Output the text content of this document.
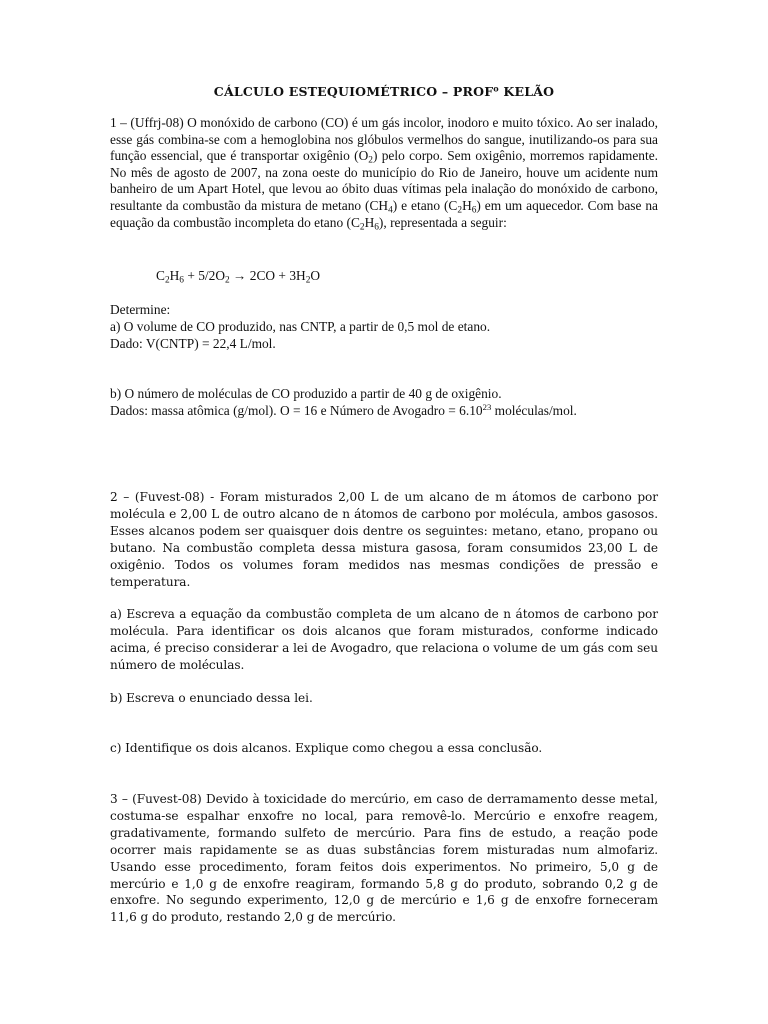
CÁLCULO ESTEQUIOMÉTRICO – PROF$^o$ KELÃO
1 – (Uffrj-08) O monóxido de carbono (CO) é um gás incolor, inodoro e muito tóxico. Ao ser inalado, esse gás combina-se com a hemoglobina nos glóbulos vermelhos do sangue, inutilizando-os para sua função essencial, que é transportar oxigênio $(O_2)$ pelo corpo. Sem oxigênio, morremos rapidamente. No mês de agosto de 2007, na zona oeste do município do Rio de Janeiro, houve um acidente num banheiro de um Apart Hotel, que levou ao óbito duas vítimas pela inalação do monóxido de carbono, resultante da combustão da mistura de metano $(CH_4)$ e etano $(C_2H_6)$ em um aquecedor. Com base na equação da combustão incompleta do etano $(C_2H_6)$, representada a seguir:
$C_2H_6 + 5/2O_2 \to 2CO + 3H_2O$
Determine:
a) O volume de CO produzido, nas CNTP, a partir de 0,5 mol de etano.
Dado: V(CNTP) = 22,4 L/mol.
b) O número de moléculas de CO produzido a partir de 40 g de oxigênio.
Dados: massa atômica (g/mol). O = 16 e Número de Avogadro = $6.10^{23}$ moléculas/mol.
2 – (Fuvest-08) - Foram misturados 2,00 L de um alcano de m átomos de carbono por molécula e 2,00 L de outro alcano de n átomos de carbono por molécula, ambos gasosos. Esses alcanos podem ser quaisquer dois dentre os seguintes: metano, etano, propano ou butano. Na combustão completa dessa mistura gasosa, foram consumidos 23,00 L de oxigênio. Todos os volumes foram medidos nas mesmas condições de pressão e temperatura.
a) Escreva a equação da combustão completa de um alcano de n átomos de carbono por molécula. Para identificar os dois alcanos que foram misturados, conforme indicado acima, é preciso considerar a lei de Avogadro, que relaciona o volume de um gás com seu número de moléculas.
b) Escreva o enunciado dessa lei.
c) Identifique os dois alcanos. Explique como chegou a essa conclusão.
3 – (Fuvest-08) Devido à toxicidade do mercúrio, em caso de derramamento desse metal, costuma-se espalhar enxofre no local, para removê-lo. Mercúrio e enxofre reagem, gradativamente, formando sulfeto de mercúrio. Para fins de estudo, a reação pode ocorrer mais rapidamente se as duas substâncias forem misturadas num almofariz. Usando esse procedimento, foram feitos dois experimentos. No primeiro, 5,0 g de mercúrio e 1,0 g de enxofre reagiram, formando 5,8 g do produto, sobrando 0,2 g de enxofre. No segundo experimento, 12,0 g de mercúrio e 1,6 g de enxofre forneceram 11,6 g do produto, restando 2,0 g de mercúrio.
